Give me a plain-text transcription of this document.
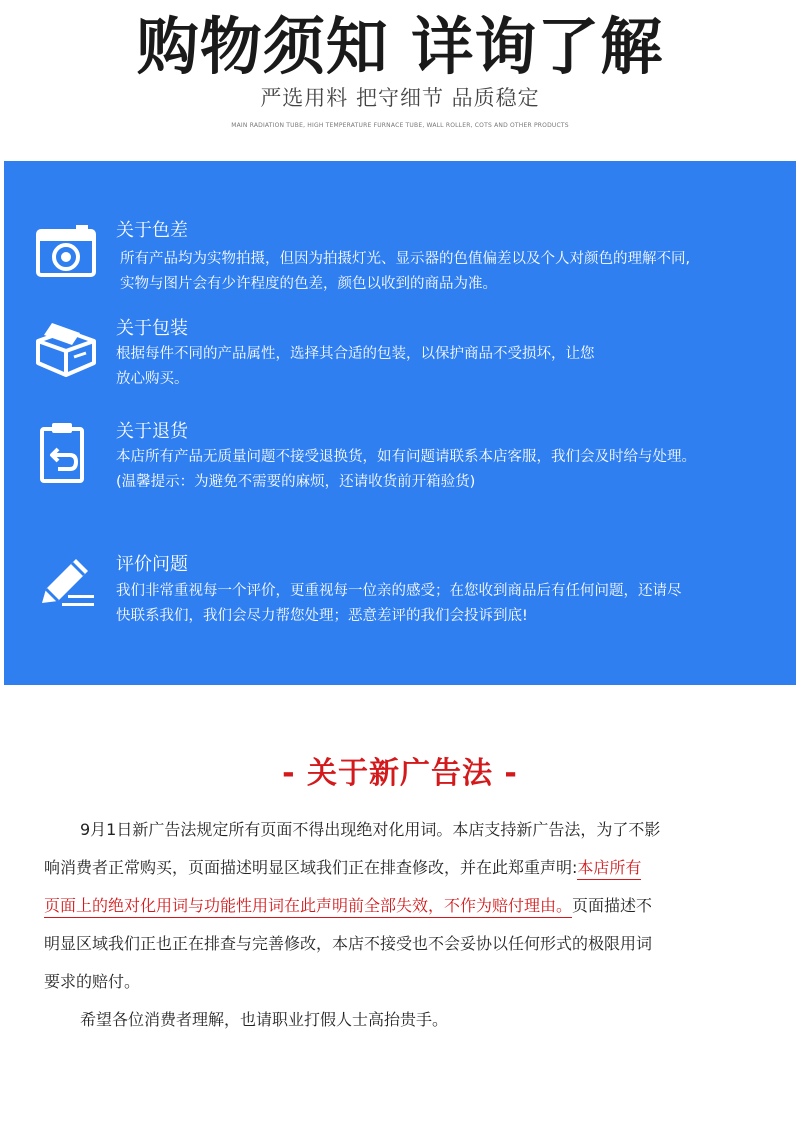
购物须知 详询了解
严选用料 把守细节 品质稳定
MAIN RADIATION TUBE, HIGH TEMPERATURE FURNACE TUBE, WALL ROLLER, COTS AND OTHER PRODUCTS
关于色差
所有产品均为实物拍摄，但因为拍摄灯光、显示器的色值偏差以及个人对颜色的理解不同,
实物与图片会有少许程度的色差，颜色以收到的商品为准。
关于包装
根据每件不同的产品属性，选择其合适的包装，以保护商品不受损坏，让您
放心购买。
关于退货
本店所有产品无质量问题不接受退换货，如有问题请联系本店客服，我们会及时给与处理。
(温馨提示：为避免不需要的麻烦，还请收货前开箱验货)
评价问题
我们非常重视每一个评价，更重视每一位亲的感受；在您收到商品后有任何问题，还请尽
快联系我们，我们会尽力帮您处理；恶意差评的我们会投诉到底!
- 关于新广告法 -
9月1日新广告法规定所有页面不得出现绝对化用词。本店支持新广告法，为了不影
响消费者正常购买，页面描述明显区域我们正在排查修改，并在此郑重声明:本店所有
页面上的绝对化用词与功能性用词在此声明前全部失效，不作为赔付理由。页面描述不
明显区域我们正也正在排查与完善修改，本店不接受也不会妥协以任何形式的极限用词
要求的赔付。
希望各位消费者理解，也请职业打假人士高抬贵手。
